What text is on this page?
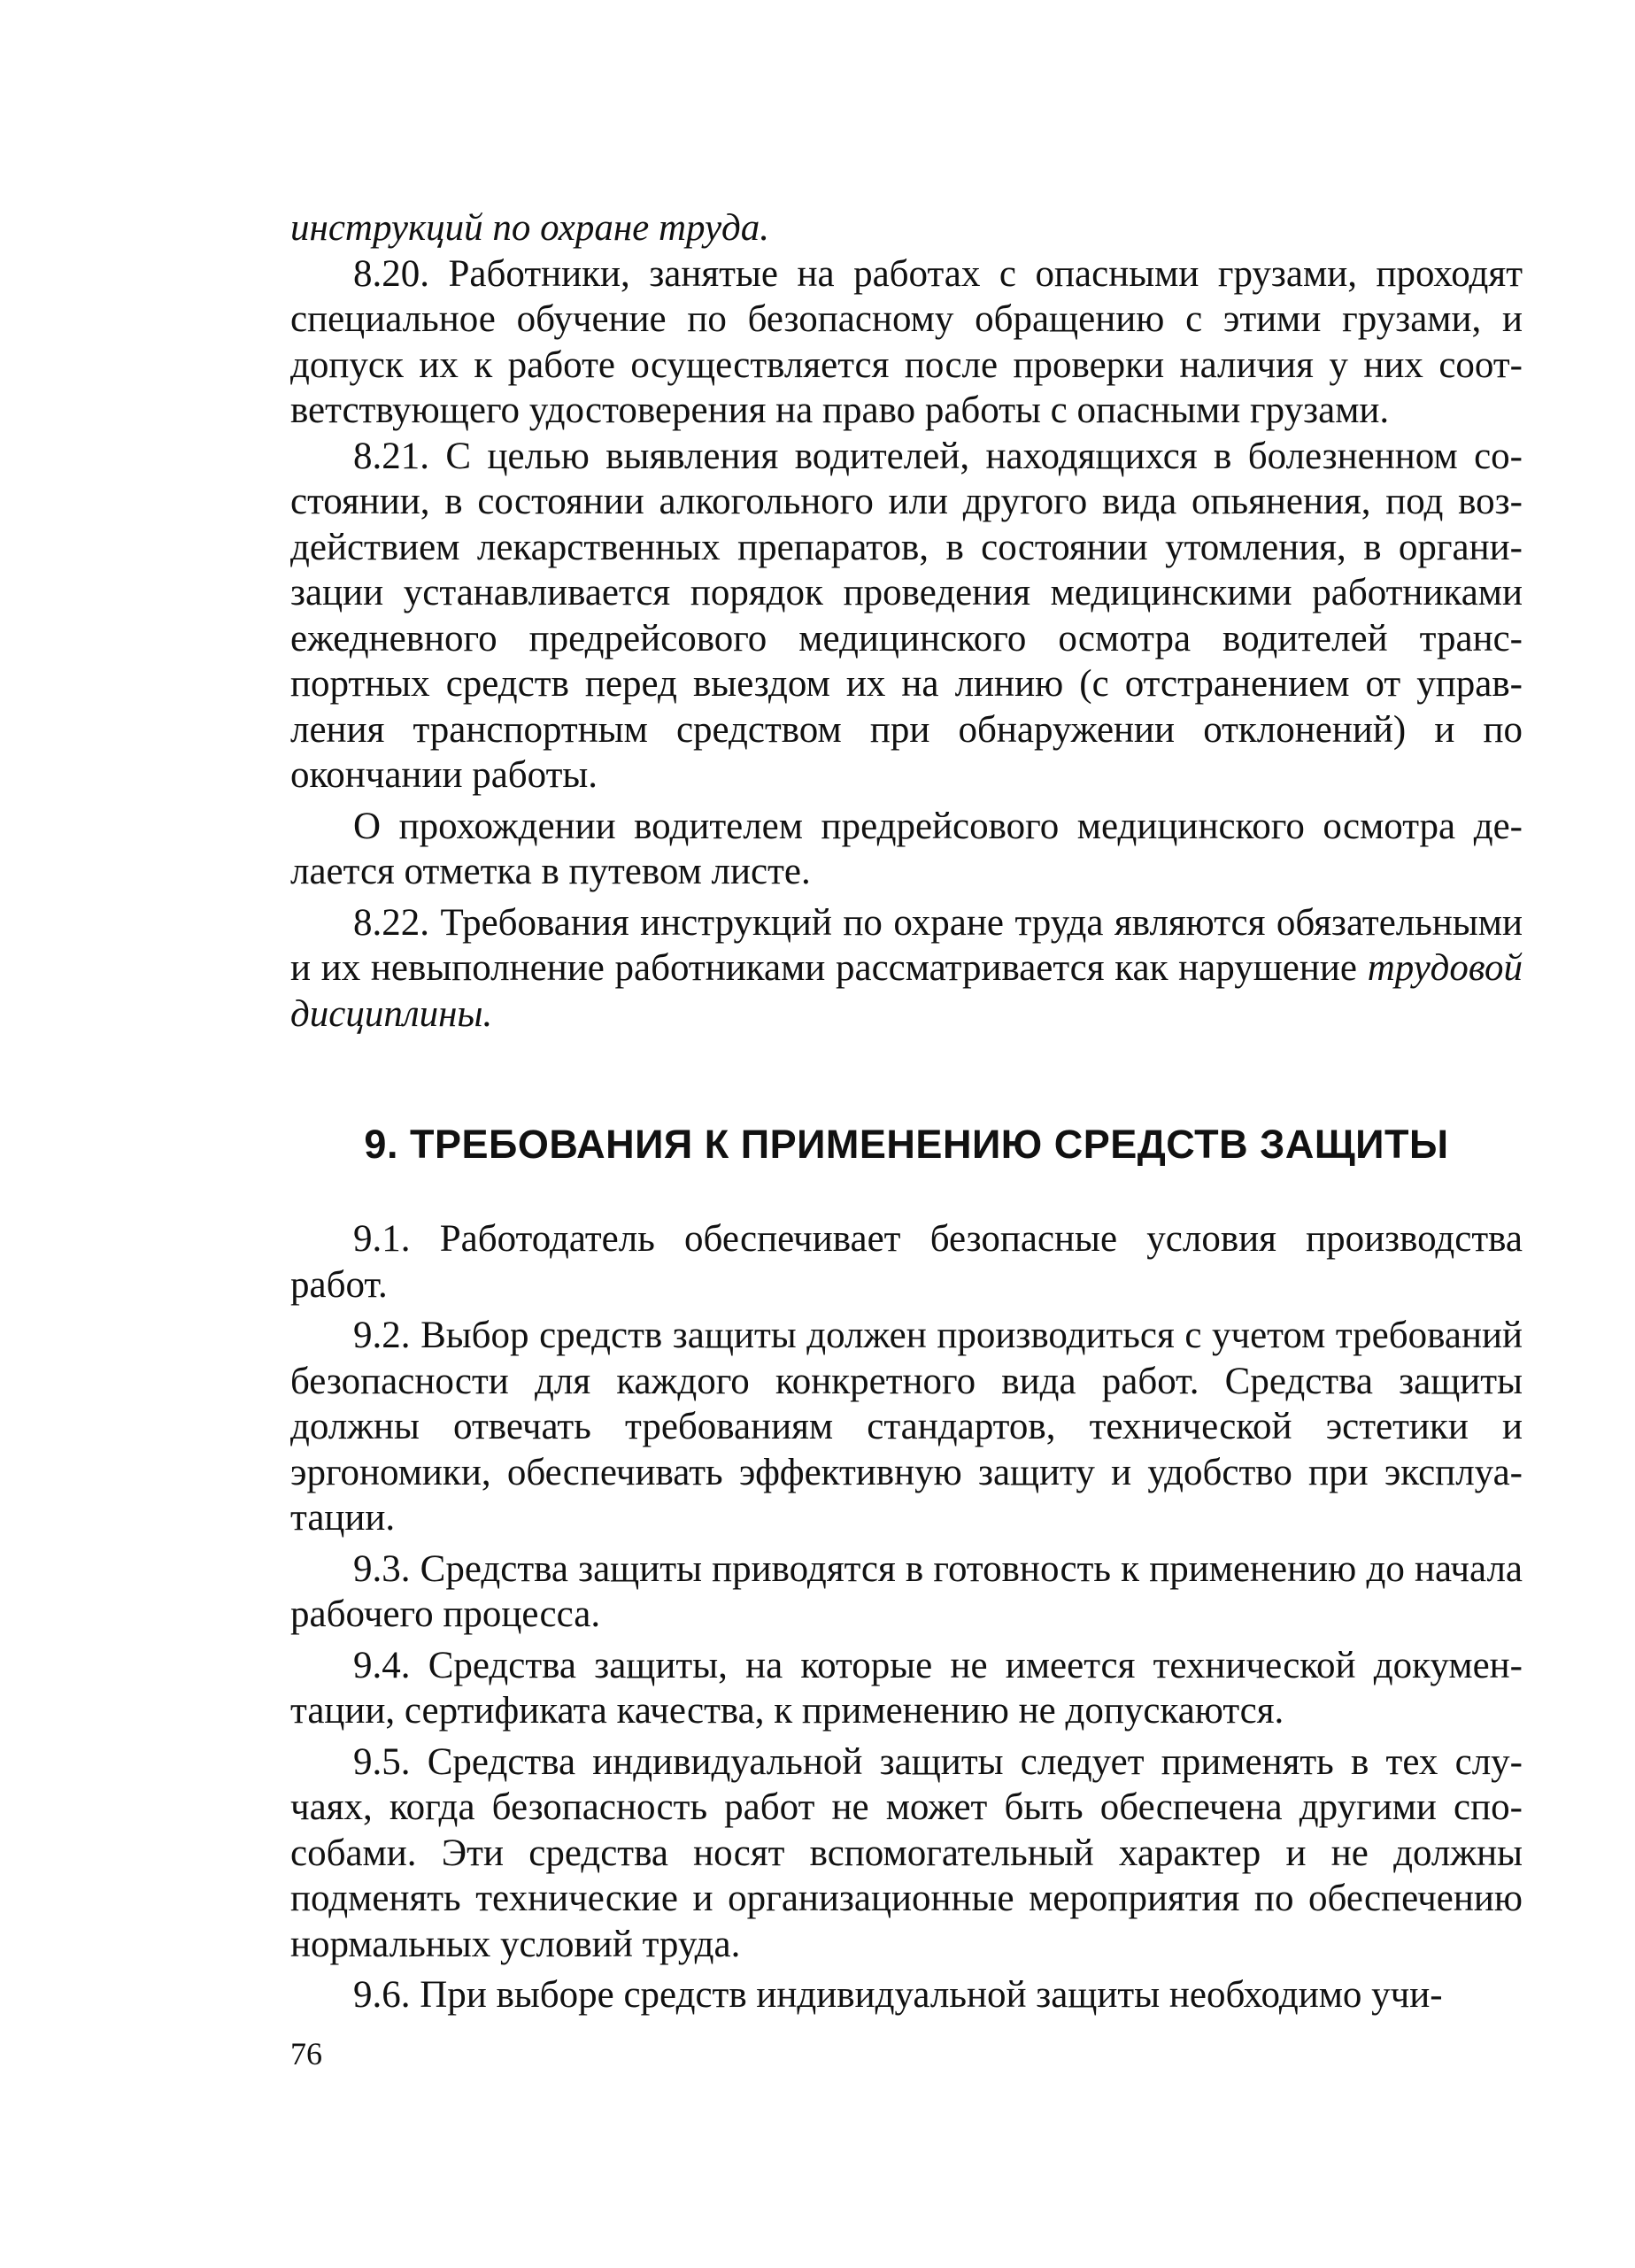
инструкций по охране труда.

8.20. Работники, занятые на работах с опасными грузами, проходят специальное обучение по безопасному обращению с этими грузами, и допуск их к работе осуществляется после проверки наличия у них соответствующего удостоверения на право работы с опасными грузами.

8.21. С целью выявления водителей, находящихся в болезненном состоянии, в состоянии алкогольного или другого вида опьянения, под воздействием лекарственных препаратов, в состоянии утомления, в организации устанавливается порядок проведения медицинскими работниками ежедневного предрейсового медицинского осмотра водителей транспортных средств перед выездом их на линию (с отстранением от управления транспортным средством при обнаружении отклонений) и по окончании работы.

О прохождении водителем предрейсового медицинского осмотра делается отметка в путевом листе.

8.22. Требования инструкций по охране труда являются обязательными и их невыполнение работниками рассматривается как нарушение трудовой дисциплины.

9. ТРЕБОВАНИЯ К ПРИМЕНЕНИЮ СРЕДСТВ ЗАЩИТЫ

9.1. Работодатель обеспечивает безопасные условия производства работ.

9.2. Выбор средств защиты должен производиться с учетом требований безопасности для каждого конкретного вида работ. Средства защиты должны отвечать требованиям стандартов, технической эстетики и эргономики, обеспечивать эффективную защиту и удобство при эксплуатации.

9.3. Средства защиты приводятся в готовность к применению до начала рабочего процесса.

9.4. Средства защиты, на которые не имеется технической документации, сертификата качества, к применению не допускаются.

9.5. Средства индивидуальной защиты следует применять в тех случаях, когда безопасность работ не может быть обеспечена другими способами. Эти средства носят вспомогательный характер и не должны подменять технические и организационные мероприятия по обеспечению нормальных условий труда.

9.6. При выборе средств индивидуальной защиты необходимо учи-

76
